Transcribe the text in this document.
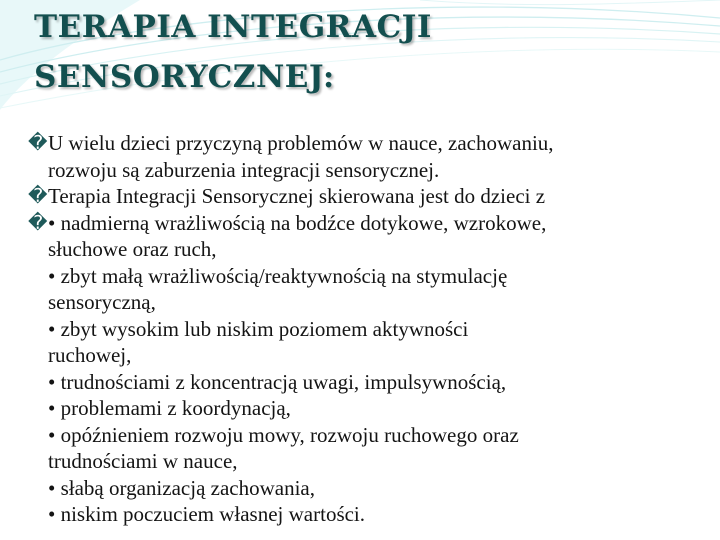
TERAPIA INTEGRACJI
SENSORYCZNEJ:
� U wielu dzieci przyczyną problemów w nauce, zachowaniu,
rozwoju są zaburzenia integracji sensorycznej.
� Terapia Integracji Sensorycznej skierowana jest do dzieci z
� • nadmierną wrażliwością na bodźce dotykowe, wzrokowe,
słuchowe oraz ruch,
• zbyt małą wrażliwością/reaktywnością na stymulację
sensoryczną,
• zbyt wysokim lub niskim poziomem aktywności
ruchowej,
• trudnościami z koncentracją uwagi, impulsywnością,
• problemami z koordynacją,
• opóźnieniem rozwoju mowy, rozwoju ruchowego oraz
trudnościami w nauce,
• słabą organizacją zachowania,
• niskim poczuciem własnej wartości.
